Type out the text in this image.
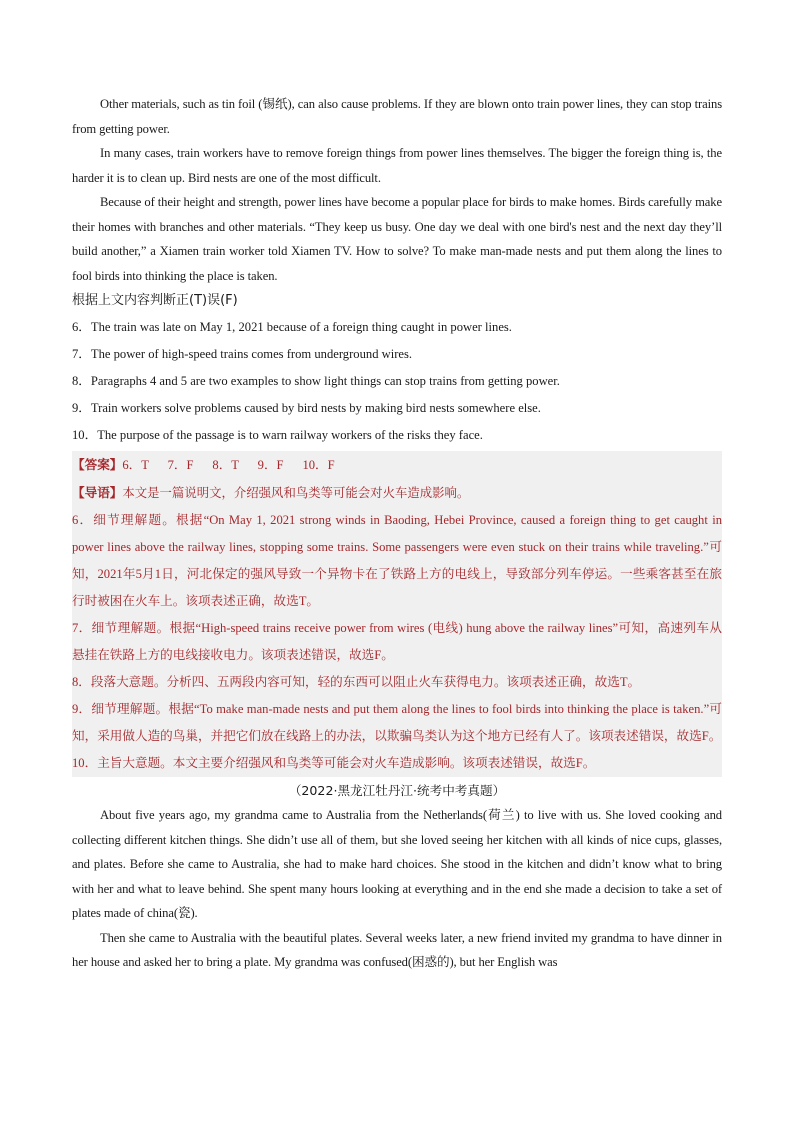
Other materials, such as tin foil (锡纸), can also cause problems. If they are blown onto train power lines, they can stop trains from getting power.

In many cases, train workers have to remove foreign things from power lines themselves. The bigger the foreign thing is, the harder it is to clean up. Bird nests are one of the most difficult.

Because of their height and strength, power lines have become a popular place for birds to make homes. Birds carefully make their homes with branches and other materials. “They keep us busy. One day we deal with one bird's nest and the next day they’ll build another,” a Xiamen train worker told Xiamen TV. How to solve? To make man-made nests and put them along the lines to fool birds into thinking the place is taken.

根据上文内容判断正(T)误(F)

6．The train was late on May 1, 2021 because of a foreign thing caught in power lines.

7．The power of high-speed trains comes from underground wires.

8．Paragraphs 4 and 5 are two examples to show light things can stop trains from getting power.

9．Train workers solve problems caused by bird nests by making bird nests somewhere else.

10．The purpose of the passage is to warn railway workers of the risks they face.

【答案】6．T      7．F      8．T      9．F      10．F

【导语】本文是一篇说明文，介绍强风和鸟类等可能会对火车造成影响。

6．细节理解题。根据“On May 1, 2021 strong winds in Baoding, Hebei Province, caused a foreign thing to get caught in power lines above the railway lines, stopping some trains. Some passengers were even stuck on their trains while traveling.”可知，2021年5月1日，河北保定的强风导致一个异物卡在了铁路上方的电线上，导致部分列车停运。一些乘客甚至在旅行时被困在火车上。该项表述正确，故选T。

7．细节理解题。根据“High-speed trains receive power from wires (电线) hung above the railway lines”可知，高速列车从悬挂在铁路上方的电线接收电力。该项表述错误，故选F。

8．段落大意题。分析四、五两段内容可知，轻的东西可以阻止火车获得电力。该项表述正确，故选T。

9．细节理解题。根据“To make man-made nests and put them along the lines to fool birds into thinking the place is taken.”可知，采用做人造的鸟巢，并把它们放在线路上的办法，以欺骗鸟类认为这个地方已经有人了。该项表述错误，故选F。

10．主旨大意题。本文主要介绍强风和鸟类等可能会对火车造成影响。该项表述错误，故选F。

（2022·黑龙江牡丹江·统考中考真题）

About five years ago, my grandma came to Australia from the Netherlands(荷兰) to live with us. She loved cooking and collecting different kitchen things. She didn’t use all of them, but she loved seeing her kitchen with all kinds of nice cups, glasses, and plates. Before she came to Australia, she had to make hard choices. She stood in the kitchen and didn’t know what to bring with her and what to leave behind. She spent many hours looking at everything and in the end she made a decision to take a set of plates made of china(瓷).

Then she came to Australia with the beautiful plates. Several weeks later, a new friend invited my grandma to have dinner in her house and asked her to bring a plate. My grandma was confused(困惑的), but her English was
